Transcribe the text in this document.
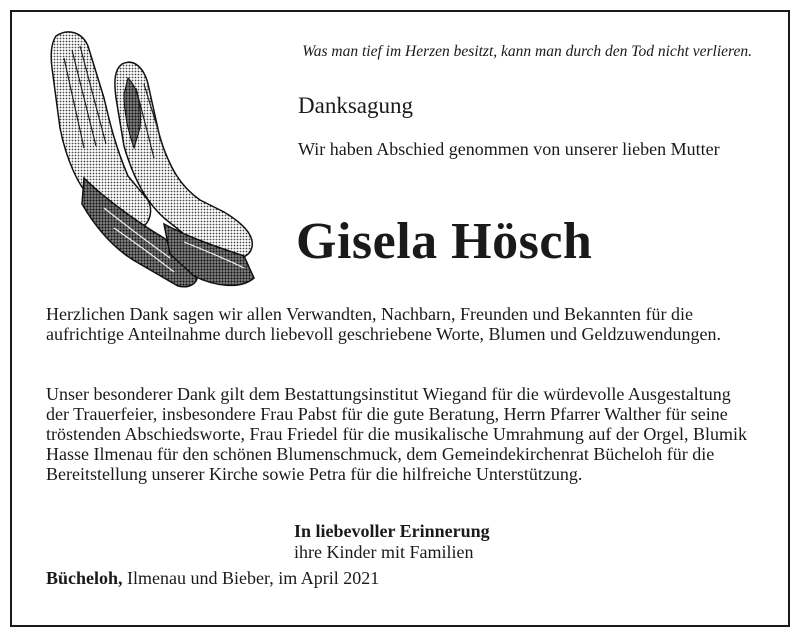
Was man tief im Herzen besitzt, kann man durch den Tod nicht verlieren.
Danksagung
Wir haben Abschied genommen von unserer lieben Mutter
Gisela Hösch
Herzlichen Dank sagen wir allen Verwandten, Nachbarn, Freunden und Bekannten für die aufrichtige Anteilnahme durch liebevoll geschriebene Worte, Blumen und Geldzuwendungen.
Unser besonderer Dank gilt dem Bestattungsinstitut Wiegand für die würdevolle Ausgestaltung der Trauerfeier, insbesondere Frau Pabst für die gute Beratung, Herrn Pfarrer Walther für seine tröstenden Abschiedsworte, Frau Friedel für die musikalische Umrahmung auf der Orgel, Blumik Hasse Ilmenau für den schönen Blumenschmuck, dem Gemeindekirchenrat Bücheloh für die Bereitstellung unserer Kirche sowie Petra für die hilfreiche Unterstützung.
In liebevoller Erinnerung
ihre Kinder mit Familien
Bücheloh, Ilmenau und Bieber, im April 2021
